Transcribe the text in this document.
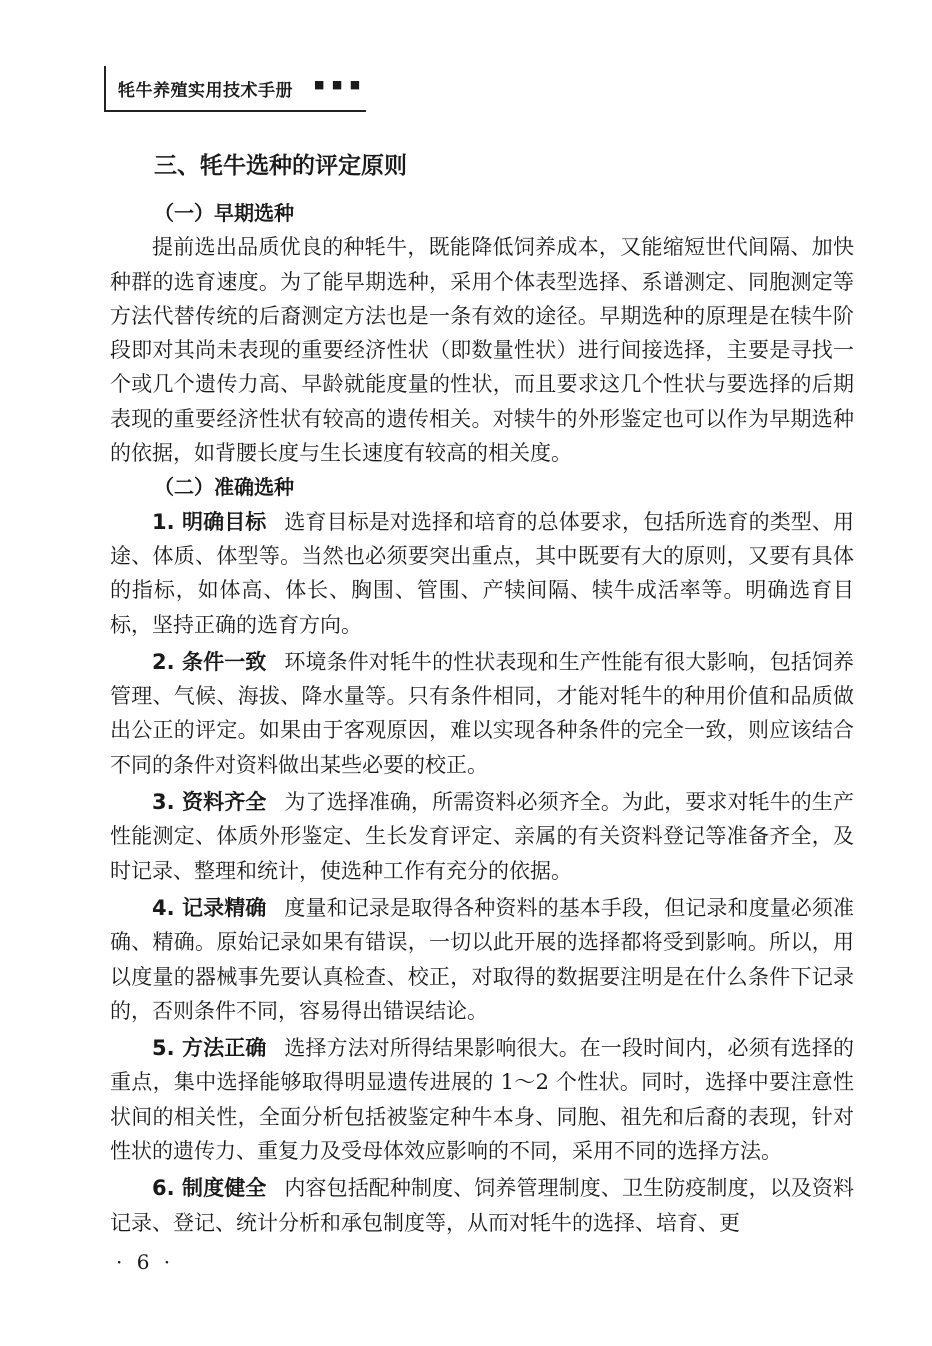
牦牛养殖实用技术手册 ■ ■ ■
三、牦牛选种的评定原则
（一）早期选种

提前选出品质优良的种牦牛，既能降低饲养成本，又能缩短世代间隔、加快种群的选育速度。为了能早期选种，采用个体表型选择、系谱测定、同胞测定等方法代替传统的后裔测定方法也是一条有效的途径。早期选种的原理是在犊牛阶段即对其尚未表现的重要经济性状（即数量性状）进行间接选择，主要是寻找一个或几个遗传力高、早龄就能度量的性状，而且要求这几个性状与要选择的后期表现的重要经济性状有较高的遗传相关。对犊牛的外形鉴定也可以作为早期选种的依据，如背腰长度与生长速度有较高的相关度。

（二）准确选种

1. 明确目标 选育目标是对选择和培育的总体要求，包括所选育的类型、用途、体质、体型等。当然也必须要突出重点，其中既要有大的原则，又要有具体的指标，如体高、体长、胸围、管围、产犊间隔、犊牛成活率等。明确选育目标，坚持正确的选育方向。

2. 条件一致 环境条件对牦牛的性状表现和生产性能有很大影响，包括饲养管理、气候、海拔、降水量等。只有条件相同，才能对牦牛的种用价值和品质做出公正的评定。如果由于客观原因，难以实现各种条件的完全一致，则应该结合不同的条件对资料做出某些必要的校正。

3. 资料齐全 为了选择准确，所需资料必须齐全。为此，要求对牦牛的生产性能测定、体质外形鉴定、生长发育评定、亲属的有关资料登记等准备齐全，及时记录、整理和统计，使选种工作有充分的依据。

4. 记录精确 度量和记录是取得各种资料的基本手段，但记录和度量必须准确、精确。原始记录如果有错误，一切以此开展的选择都将受到影响。所以，用以度量的器械事先要认真检查、校正，对取得的数据要注明是在什么条件下记录的，否则条件不同，容易得出错误结论。

5. 方法正确 选择方法对所得结果影响很大。在一段时间内，必须有选择的重点，集中选择能够取得明显遗传进展的 1～2 个性状。同时，选择中要注意性状间的相关性，全面分析包括被鉴定种牛本身、同胞、祖先和后裔的表现，针对性状的遗传力、重复力及受母体效应影响的不同，采用不同的选择方法。

6. 制度健全 内容包括配种制度、饲养管理制度、卫生防疫制度，以及资料记录、登记、统计分析和承包制度等，从而对牦牛的选择、培育、更

· 6 ·
